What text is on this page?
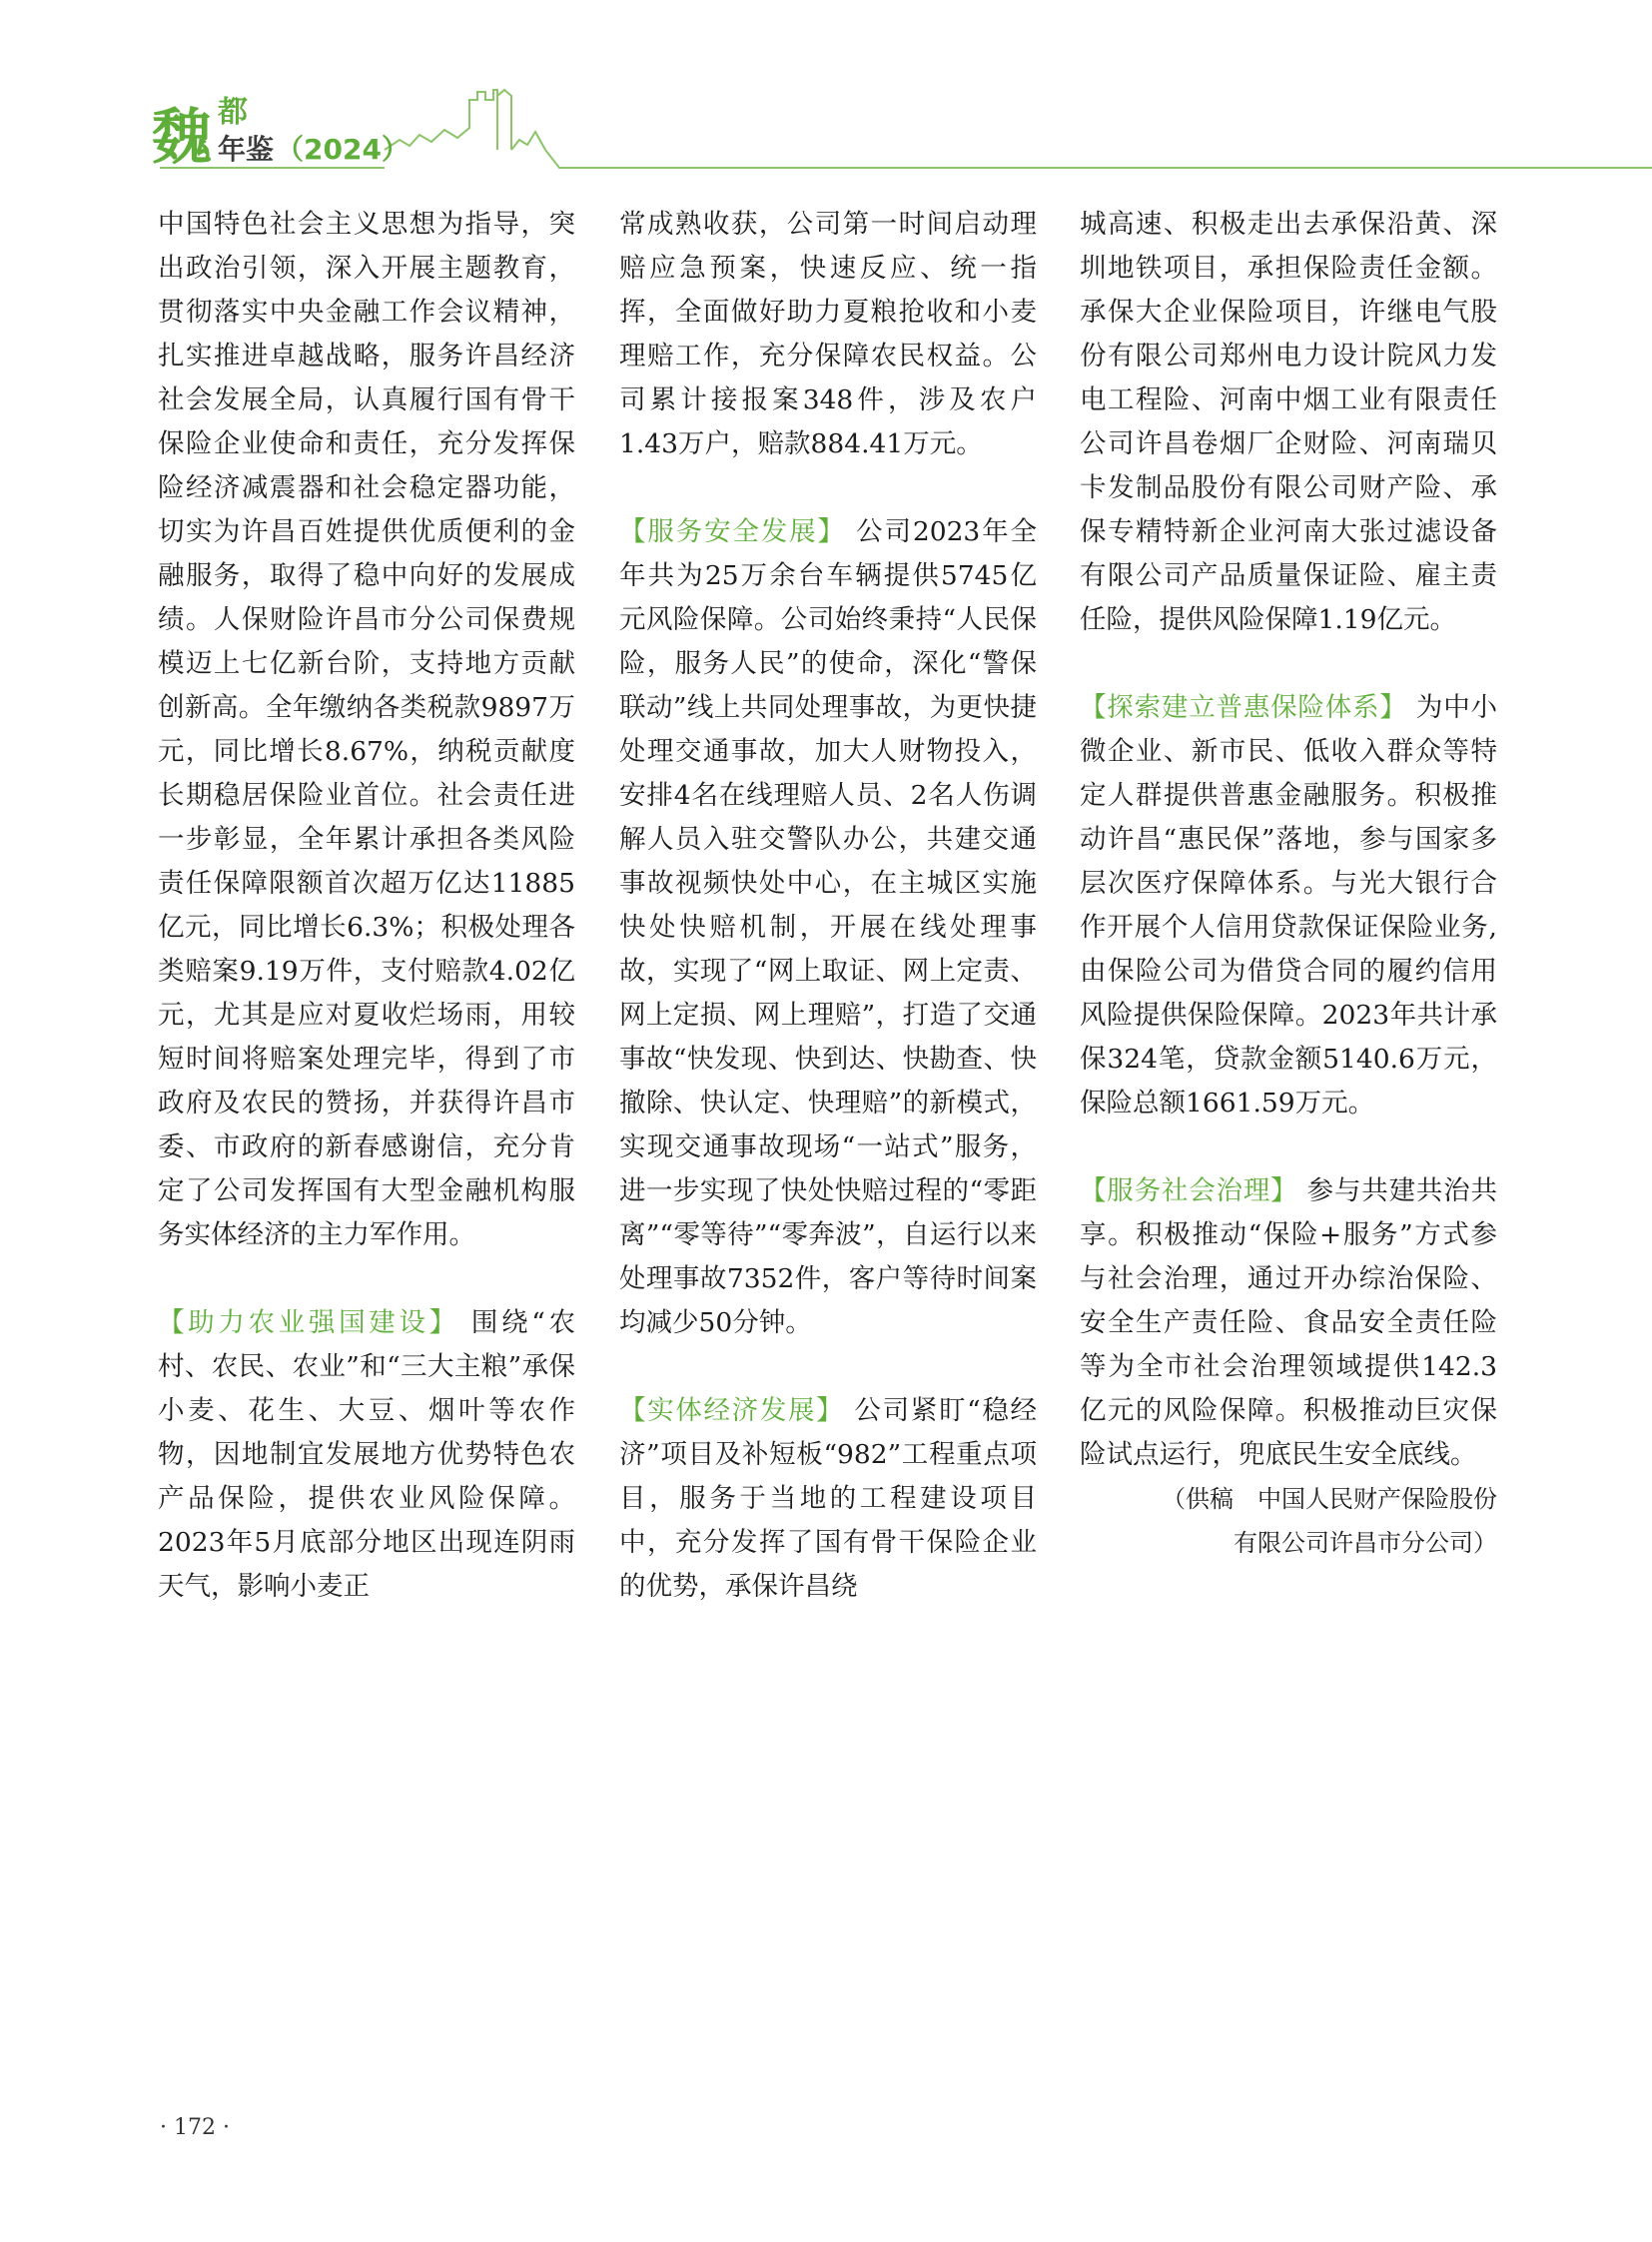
魏 都
年鉴 （2024）

中国特色社会主义思想为指导，突出政治引领，深入开展主题教育，贯彻落实中央金融工作会议精神，扎实推进卓越战略，服务许昌经济社会发展全局，认真履行国有骨干保险企业使命和责任，充分发挥保险经济减震器和社会稳定器功能，切实为许昌百姓提供优质便利的金融服务，取得了稳中向好的发展成绩。人保财险许昌市分公司保费规模迈上七亿新台阶，支持地方贡献创新高。全年缴纳各类税款9897万元，同比增长8.67%，纳税贡献度长期稳居保险业首位。社会责任进一步彰显，全年累计承担各类风险责任保障限额首次超万亿达11885亿元，同比增长6.3%；积极处理各类赔案9.19万件，支付赔款4.02亿元，尤其是应对夏收烂场雨，用较短时间将赔案处理完毕，得到了市政府及农民的赞扬，并获得许昌市委、市政府的新春感谢信，充分肯定了公司发挥国有大型金融机构服务实体经济的主力军作用。

【助力农业强国建设】 围绕“农村、农民、农业”和“三大主粮”承保小麦、花生、大豆、烟叶等农作物，因地制宜发展地方优势特色农产品保险，提供农业风险保障。2023年5月底部分地区出现连阴雨天气，影响小麦正

常成熟收获，公司第一时间启动理赔应急预案，快速反应、统一指挥，全面做好助力夏粮抢收和小麦理赔工作，充分保障农民权益。公司累计接报案348件，涉及农户1.43万户，赔款884.41万元。

【服务安全发展】 公司2023年全年共为25万余台车辆提供5745亿元风险保障。公司始终秉持“人民保险，服务人民”的使命，深化“警保联动”线上共同处理事故，为更快捷处理交通事故，加大人财物投入，安排4名在线理赔人员、2名人伤调解人员入驻交警队办公，共建交通事故视频快处中心，在主城区实施快处快赔机制，开展在线处理事故，实现了“网上取证、网上定责、网上定损、网上理赔”，打造了交通事故“快发现、快到达、快勘查、快撤除、快认定、快理赔”的新模式，实现交通事故现场“一站式”服务，进一步实现了快处快赔过程的“零距离”“零等待”“零奔波”，自运行以来处理事故7352件，客户等待时间案均减少50分钟。

【实体经济发展】 公司紧盯“稳经济”项目及补短板“982”工程重点项目，服务于当地的工程建设项目中，充分发挥了国有骨干保险企业的优势，承保许昌绕

城高速、积极走出去承保沿黄、深圳地铁项目，承担保险责任金额。承保大企业保险项目，许继电气股份有限公司郑州电力设计院风力发电工程险、河南中烟工业有限责任公司许昌卷烟厂企财险、河南瑞贝卡发制品股份有限公司财产险、承保专精特新企业河南大张过滤设备有限公司产品质量保证险、雇主责任险，提供风险保障1.19亿元。

【探索建立普惠保险体系】 为中小微企业、新市民、低收入群众等特定人群提供普惠金融服务。积极推动许昌“惠民保”落地，参与国家多层次医疗保障体系。与光大银行合作开展个人信用贷款保证保险业务,由保险公司为借贷合同的履约信用风险提供保险保障。2023年共计承保324笔，贷款金额5140.6万元，保险总额1661.59万元。

【服务社会治理】 参与共建共治共享。积极推动“保险+服务”方式参与社会治理，通过开办综治保险、安全生产责任险、食品安全责任险等为全市社会治理领域提供142.3亿元的风险保障。积极推动巨灾保险试点运行，兜底民生安全底线。

（供稿　中国人民财产保险股份
有限公司许昌市分公司）
· 172 ·
